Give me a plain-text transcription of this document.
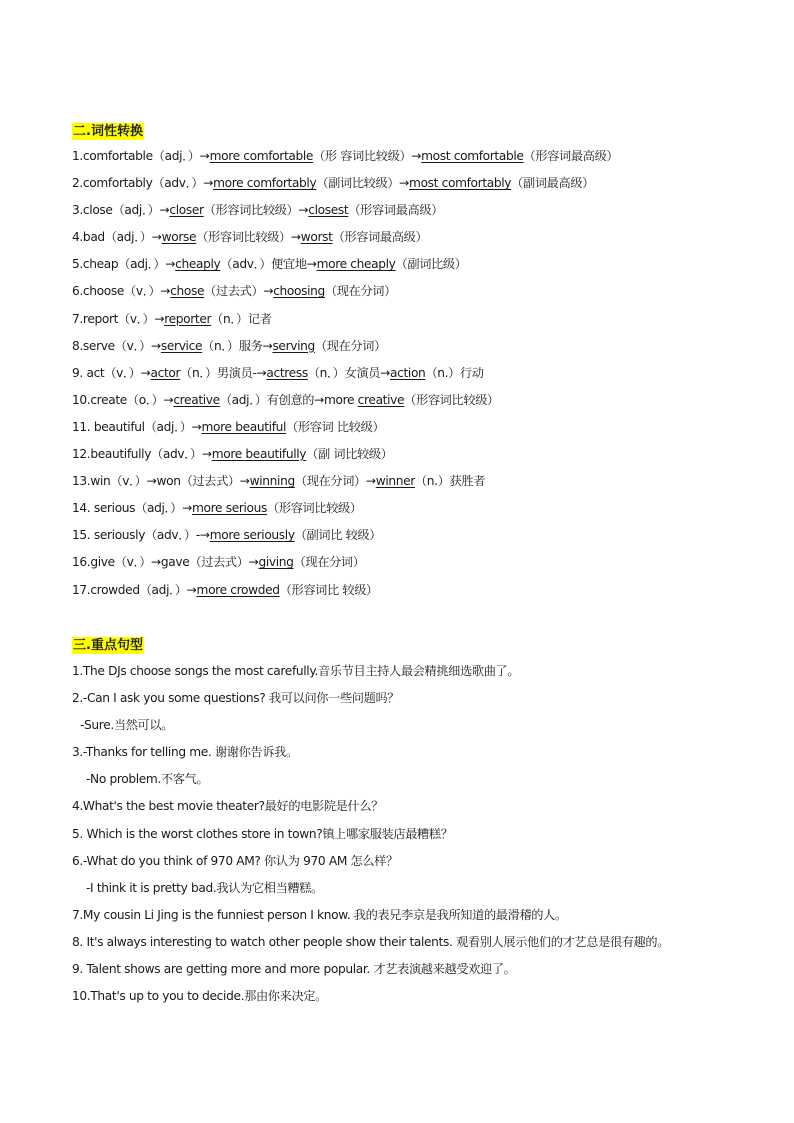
二.词性转换

1.comfortable（adj．）→more comfortable（形 容词比较级）→most comfortable（形容词最高级）

2.comfortably（adv．）→more comfortably（副词比较级）→most comfortably（副词最高级）

3.close（adj．）→closer（形容词比较级）→closest（形容词最高级）

4.bad（adj．）→worse（形容词比较级）→worst（形容词最高级）

5.cheap（adj．）→cheaply（adv．）便宜地→more cheaply（副词比级）

6.choose（v．）→chose（过去式）→choosing（现在分词）

7.report（v．）→reporter（n．）记者

8.serve（v．）→service（n．）服务→serving（现在分词）

9. act（v．）→actor（n．）男演员-→actress（n．）女演员→action（n.）行动

10.create（o．）→creative（adj．）有创意的→more creative（形容词比较级）

11. beautiful（adj．）→more beautiful（形容词 比较级）

12.beautifully（adv．）→more beautifully（副 词比较级）

13.win（v．）→won（过去式）→winning（现在分词）→winner（n.）获胜者

14. serious（adj．）→more serious（形容词比较级）

15. seriously（adv．）-→more seriously（副词比 较级）

16.give（v．）→gave（过去式）→giving（现在分词）

17.crowded（adj．）→more crowded（形容词比 较级）

三.重点句型

1.The DJs choose songs the most carefully.音乐节目主持人最会精挑细选歌曲了。

2.-Can I ask you some questions? 我可以问你一些问题吗？

-Sure.当然可以。

3.-Thanks for telling me. 谢谢你告诉我。

-No problem.不客气。

4.What's the best movie theater?最好的电影院是什么？

5. Which is the worst clothes store in town?镇上哪家服装店最糟糕？

6.-What do you think of 970 AM? 你认为 970 AM 怎么样？

-I think it is pretty bad.我认为它相当糟糕。

7.My cousin Li Jing is the funniest person I know. 我的表兄李京是我所知道的最滑稽的人。

8. It's always interesting to watch other people show their talents. 观看别人展示他们的才艺总是很有趣的。

9. Talent shows are getting more and more popular. 才艺表演越来越受欢迎了。

10.That's up to you to decide.那由你来决定。
